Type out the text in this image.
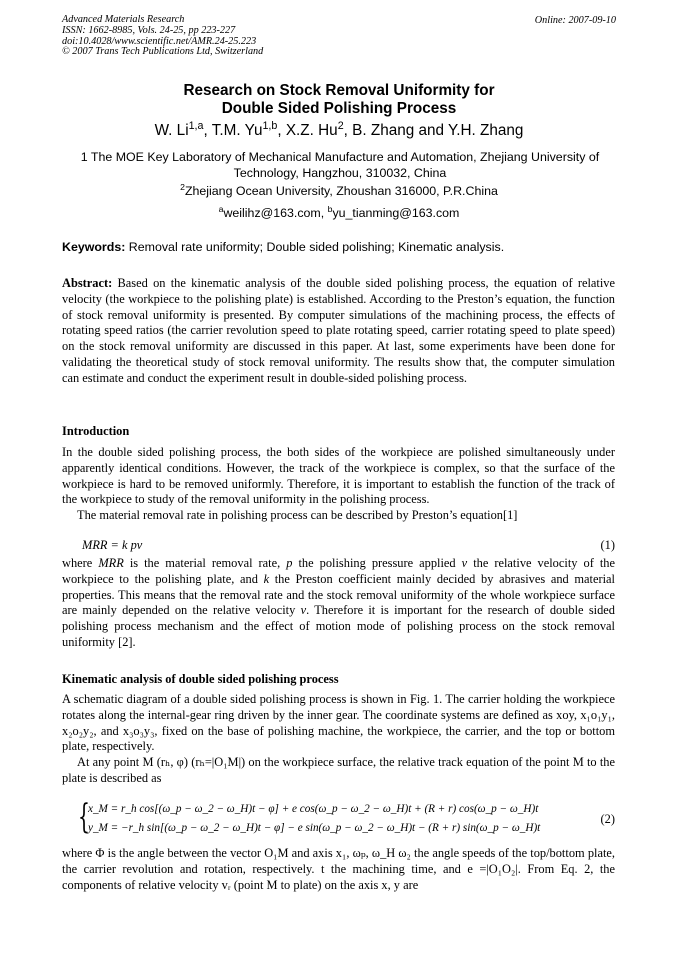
Advanced Materials Research
ISSN: 1662-8985, Vols. 24-25, pp 223-227
doi:10.4028/www.scientific.net/AMR.24-25.223
© 2007 Trans Tech Publications Ltd, Switzerland
Online: 2007-09-10
Research on Stock Removal Uniformity for
Double Sided Polishing Process
W. Li$^{1,a}$, T.M. Yu$^{1,b}$, X.Z. Hu$^2$, B. Zhang and Y.H. Zhang
1 The MOE Key Laboratory of Mechanical Manufacture and Automation, Zhejiang University of Technology, Hangzhou, 310032, China
$^2$Zhejiang Ocean University, Zhoushan 316000, P.R.China
$^a$weilihz@163.com, $^b$yu_tianming@163.com
Keywords: Removal rate uniformity; Double sided polishing; Kinematic analysis.

Abstract: Based on the kinematic analysis of the double sided polishing process, the equation of relative velocity (the workpiece to the polishing plate) is established. According to the Preston’s equation, the function of stock removal uniformity is presented. By computer simulations of the machining process, the effects of rotating speed ratios (the carrier revolution speed to plate rotating speed, carrier rotating speed to plate speed) on the stock removal uniformity are discussed in this paper. At last, some experiments have been done for validating the theoretical study of stock removal uniformity. The results show that, the computer simulation can estimate and conduct the experiment result in double-sided polishing process.

Introduction

In the double sided polishing process, the both sides of the workpiece are polished simultaneously under apparently identical conditions. However, the track of the workpiece is complex, so that the surface of the workpiece is hard to be removed uniformly. Therefore, it is important to establish the function of the track of the workpiece to study of the removal uniformity in the polishing process.

The material removal rate in polishing process can be described by Preston’s equation[1]

MRR = k pv	(1)

where MRR is the material removal rate, p the polishing pressure applied v the relative velocity of the workpiece to the polishing plate, and k the Preston coefficient mainly decided by abrasives and material properties. This means that the removal rate and the stock removal uniformity of the whole workpiece surface are mainly depended on the relative velocity v. Therefore it is important for the research of double sided polishing process mechanism and the effect of motion mode of polishing process on the stock removal uniformity [2].

Kinematic analysis of double sided polishing process

A schematic diagram of a double sided polishing process is shown in Fig. 1. The carrier holding the workpiece rotates along the internal-gear ring driven by the inner gear. The coordinate systems are defined as xoy, x₁o₁y₁, x₂o₂y₂, and x₃o₃y₃, fixed on the base of polishing machine, the workpiece, the carrier, and the top or bottom plate, respectively.

At any point M (rₕ, φ) (rₕ=|O₁M|) on the workpiece surface, the relative track equation of the point M to the plate is described as

{
x_M = r_h cos[(ω_p − ω_2 − ω_H)t − φ] + e cos(ω_p − ω_2 − ω_H)t + (R + r) cos(ω_p − ω_H)t
y_M = −r_h sin[(ω_p − ω_2 − ω_H)t − φ] − e sin(ω_p − ω_2 − ω_H)t − (R + r) sin(ω_p − ω_H)t
(2)
where Φ is the angle between the vector O₁M and axis x₁, ωₚ, ω_H ω₂ the angle speeds of the top/bottom plate, the carrier revolution and rotation, respectively. t the machining time, and e =|O₁O₂|. From Eq. 2, the components of relative velocity vᵣ (point M to plate) on the axis x, y are
